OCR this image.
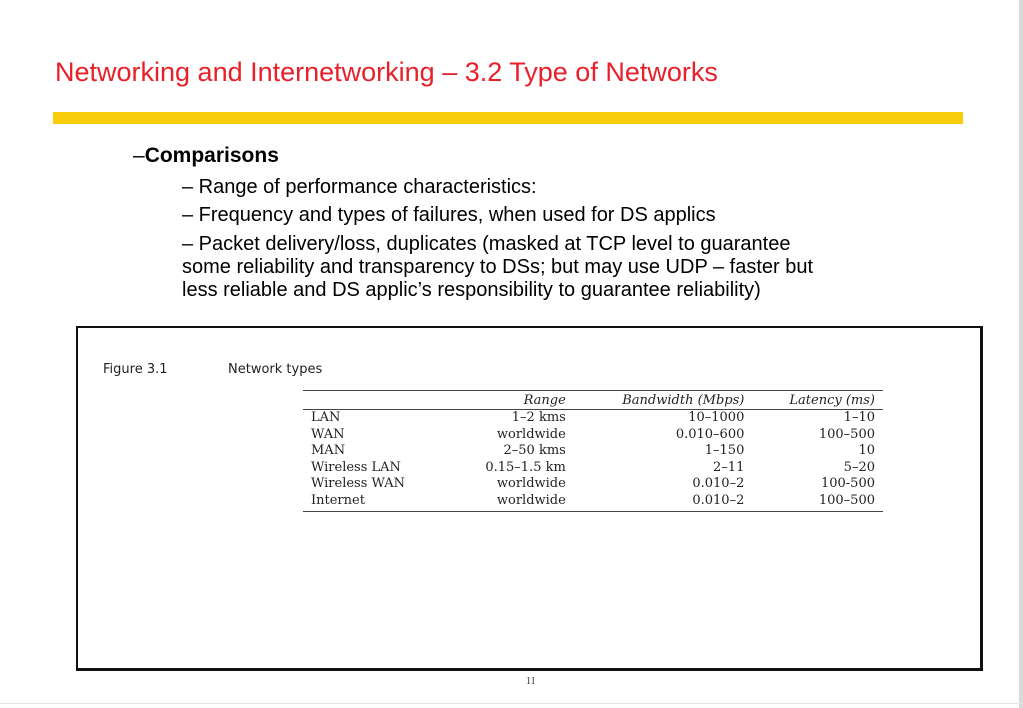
Networking and Internetworking – 3.2 Type of Networks
–Comparisons
– Range of performance characteristics:
– Frequency and types of failures, when used for DS applics
– Packet delivery/loss, duplicates (masked at TCP level to guarantee
some reliability and transparency to DSs; but may use UDP – faster but
less reliable and DS applic’s responsibility to guarantee reliability)
Figure 3.1	Network types
	Range	Bandwidth (Mbps)	Latency (ms)
LAN	1–2 kms	10–1000	1–10
WAN	worldwide	0.010–600	100–500
MAN	2–50 kms	1–150	10
Wireless LAN	0.15–1.5 km	2–11	5–20
Wireless WAN	worldwide	0.010–2	100-500
Internet	worldwide	0.010–2	100–500
11
